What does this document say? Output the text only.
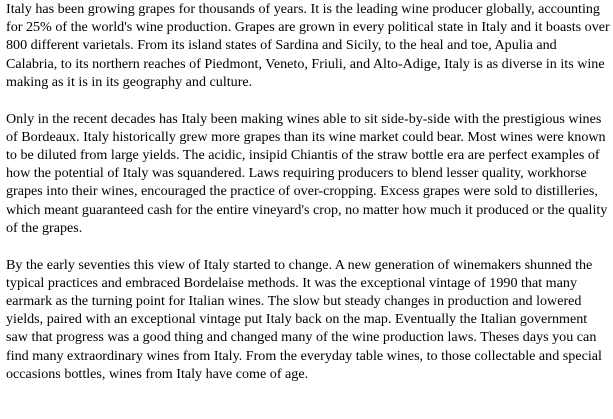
Italy has been growing grapes for thousands of years. It is the leading wine producer globally, accounting for 25% of the world's wine production. Grapes are grown in every political state in Italy and it boasts over 800 different varietals. From its island states of Sardina and Sicily, to the heal and toe, Apulia and Calabria, to its northern reaches of Piedmont, Veneto, Friuli, and Alto-Adige, Italy is as diverse in its wine making as it is in its geography and culture.

Only in the recent decades has Italy been making wines able to sit side-by-side with the prestigious wines of Bordeaux. Italy historically grew more grapes than its wine market could bear. Most wines were known to be diluted from large yields. The acidic, insipid Chiantis of the straw bottle era are perfect examples of how the potential of Italy was squandered. Laws requiring producers to blend lesser quality, workhorse grapes into their wines, encouraged the practice of over-cropping. Excess grapes were sold to distilleries, which meant guaranteed cash for the entire vineyard's crop, no matter how much it produced or the quality of the grapes.

By the early seventies this view of Italy started to change. A new generation of winemakers shunned the typical practices and embraced Bordelaise methods. It was the exceptional vintage of 1990 that many earmark as the turning point for Italian wines. The slow but steady changes in production and lowered yields, paired with an exceptional vintage put Italy back on the map. Eventually the Italian government saw that progress was a good thing and changed many of the wine production laws. Theses days you can find many extraordinary wines from Italy. From the everyday table wines, to those collectable and special occasions bottles, wines from Italy have come of age.
